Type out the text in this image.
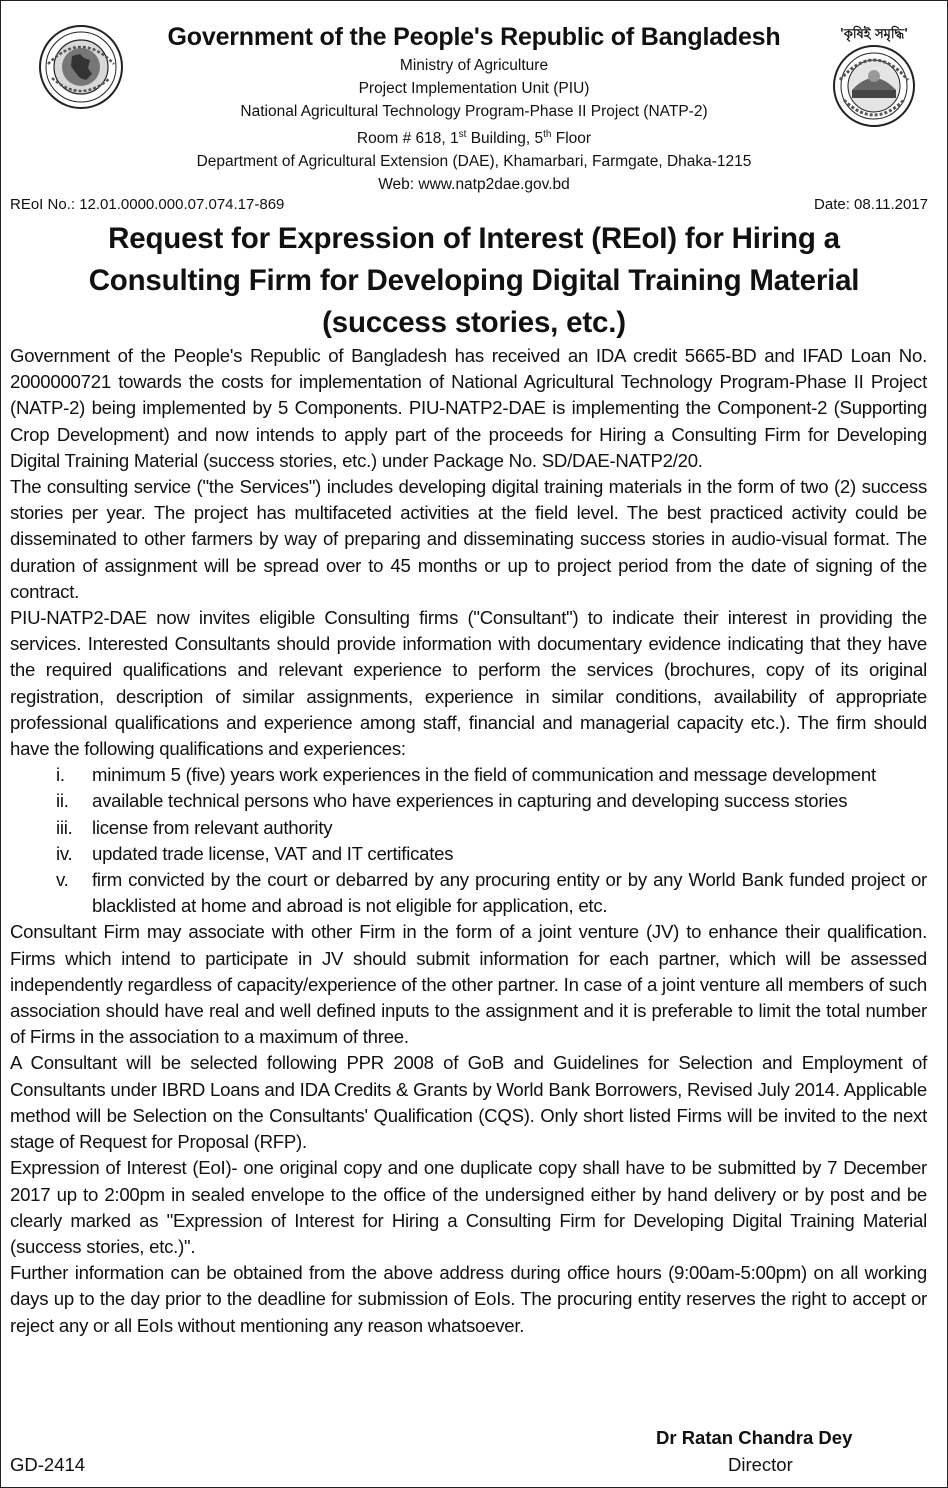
'কৃষিই সমৃদ্ধি'
Government of the People's Republic of Bangladesh
Ministry of Agriculture
Project Implementation Unit (PIU)
National Agricultural Technology Program-Phase II Project (NATP-2)
Room # 618, 1st Building, 5th Floor
Department of Agricultural Extension (DAE), Khamarbari, Farmgate, Dhaka-1215
Web: www.natp2dae.gov.bd
REoI No.: 12.01.0000.000.07.074.17-869	Date: 08.11.2017
Request for Expression of Interest (REoI) for Hiring a
Consulting Firm for Developing Digital Training Material
(success stories, etc.)

Government of the People's Republic of Bangladesh has received an IDA credit 5665-BD and IFAD Loan No. 2000000721 towards the costs for implementation of National Agricultural Technology Program-Phase II Project (NATP-2) being implemented by 5 Components. PIU-NATP2-DAE is implementing the Component-2 (Supporting Crop Development) and now intends to apply part of the proceeds for Hiring a Consulting Firm for Developing Digital Training Material (success stories, etc.) under Package No. SD/DAE-NATP2/20.

The consulting service ("the Services") includes developing digital training materials in the form of two (2) success stories per year. The project has multifaceted activities at the field level. The best practiced activity could be disseminated to other farmers by way of preparing and disseminating success stories in audio-visual format. The duration of assignment will be spread over to 45 months or up to project period from the date of signing of the contract.

PIU-NATP2-DAE now invites eligible Consulting firms ("Consultant") to indicate their interest in providing the services. Interested Consultants should provide information with documentary evidence indicating that they have the required qualifications and relevant experience to perform the services (brochures, copy of its original registration, description of similar assignments, experience in similar conditions, availability of appropriate professional qualifications and experience among staff, financial and managerial capacity etc.). The firm should have the following qualifications and experiences:

i.	minimum 5 (five) years work experiences in the field of communication and message development
ii.	available technical persons who have experiences in capturing and developing success stories
iii.	license from relevant authority
iv.	updated trade license, VAT and IT certificates
v.	firm convicted by the court or debarred by any procuring entity or by any World Bank funded project or blacklisted at home and abroad is not eligible for application, etc.

Consultant Firm may associate with other Firm in the form of a joint venture (JV) to enhance their qualification. Firms which intend to participate in JV should submit information for each partner, which will be assessed independently regardless of capacity/experience of the other partner. In case of a joint venture all members of such association should have real and well defined inputs to the assignment and it is preferable to limit the total number of Firms in the association to a maximum of three.

A Consultant will be selected following PPR 2008 of GoB and Guidelines for Selection and Employment of Consultants under IBRD Loans and IDA Credits & Grants by World Bank Borrowers, Revised July 2014. Applicable method will be Selection on the Consultants' Qualification (CQS). Only short listed Firms will be invited to the next stage of Request for Proposal (RFP).

Expression of Interest (EoI)- one original copy and one duplicate copy shall have to be submitted by 7 December 2017 up to 2:00pm in sealed envelope to the office of the undersigned either by hand delivery or by post and be clearly marked as "Expression of Interest for Hiring a Consulting Firm for Developing Digital Training Material (success stories, etc.)".

Further information can be obtained from the above address during office hours (9:00am-5:00pm) on all working days up to the day prior to the deadline for submission of EoIs. The procuring entity reserves the right to accept or reject any or all EoIs without mentioning any reason whatsoever.

Dr Ratan Chandra Dey
Director
GD-2414
